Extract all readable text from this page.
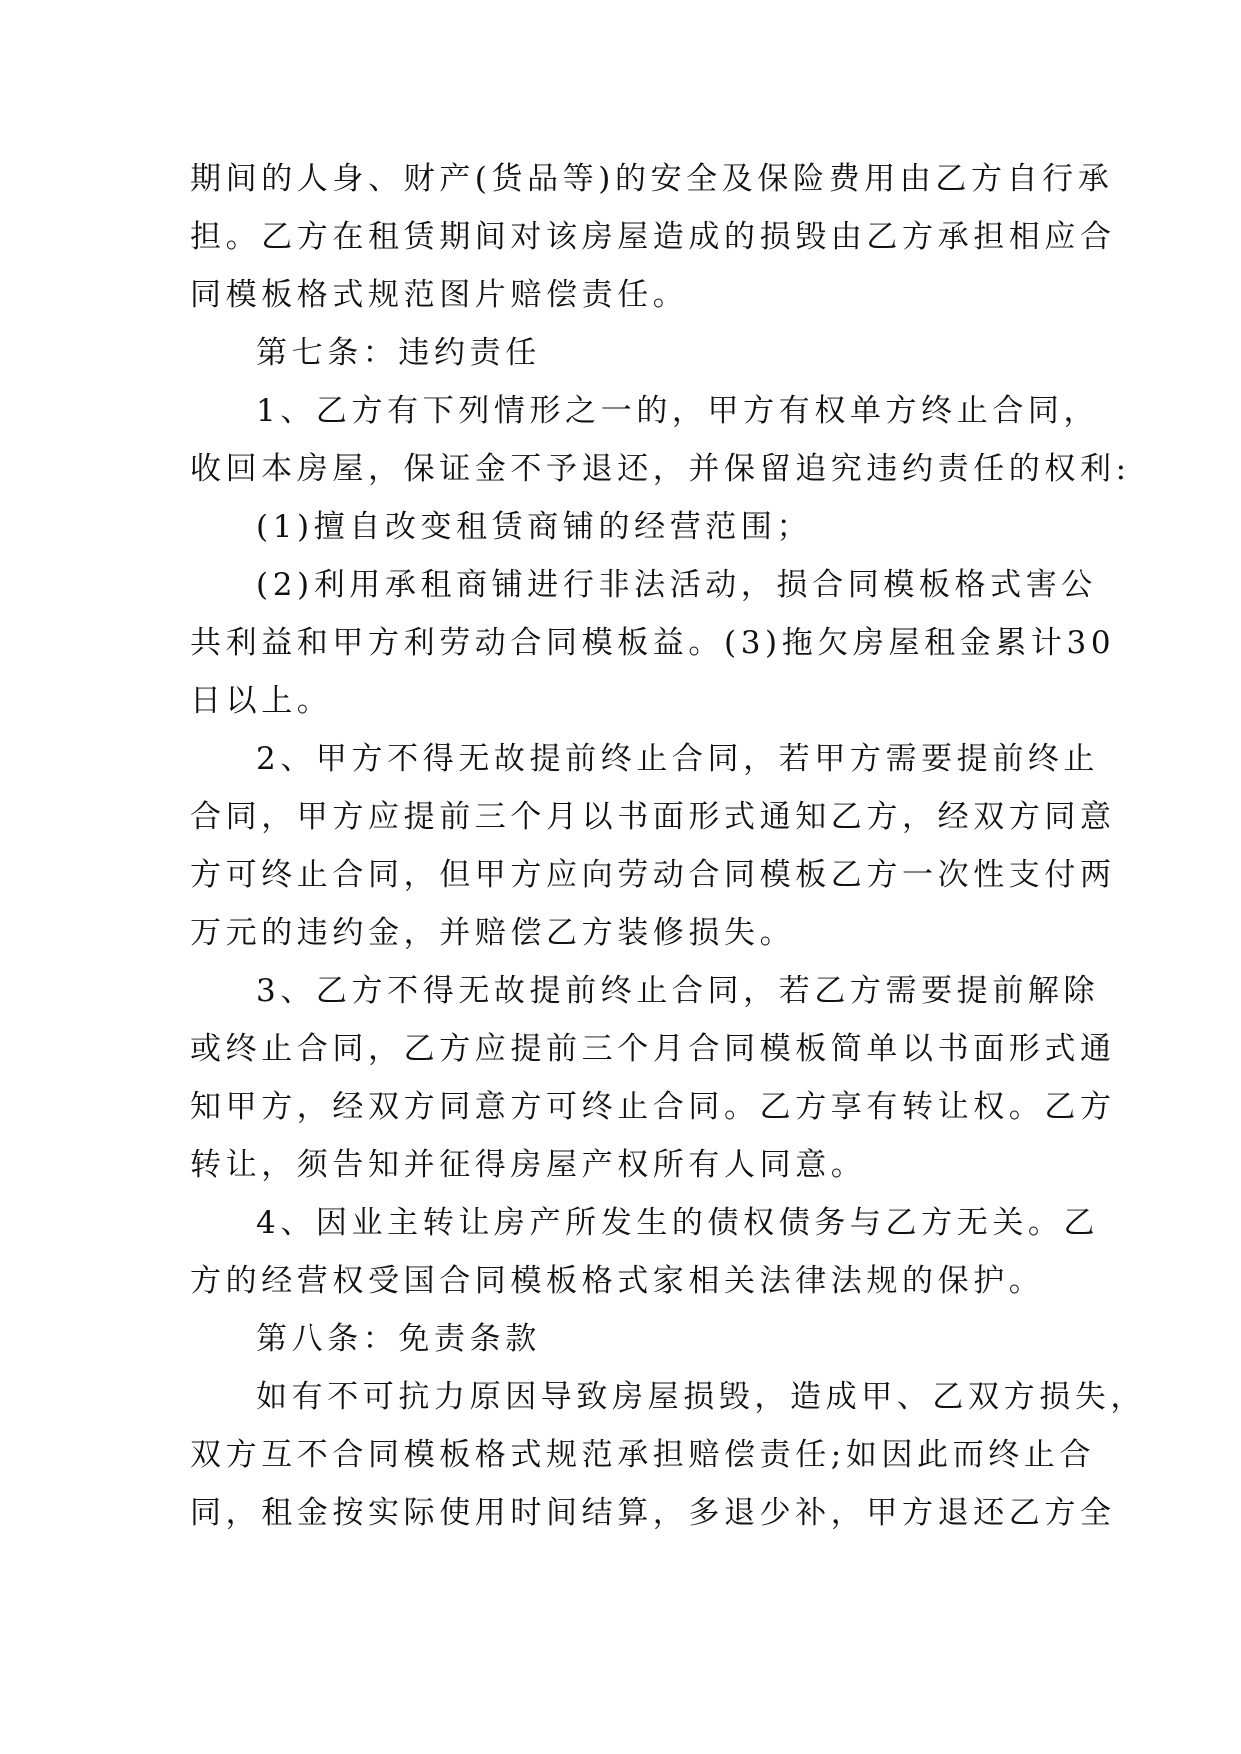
期间的人身、财产(货品等)的安全及保险费用由乙方自行承
担。乙方在租赁期间对该房屋造成的损毁由乙方承担相应合
同模板格式规范图片赔偿责任。
第七条：违约责任
1、乙方有下列情形之一的，甲方有权单方终止合同，
收回本房屋，保证金不予退还，并保留追究违约责任的权利:
(1)擅自改变租赁商铺的经营范围；
(2)利用承租商铺进行非法活动，损合同模板格式害公
共利益和甲方利劳动合同模板益。(3)拖欠房屋租金累计30
日以上。
2、甲方不得无故提前终止合同，若甲方需要提前终止
合同，甲方应提前三个月以书面形式通知乙方，经双方同意
方可终止合同，但甲方应向劳动合同模板乙方一次性支付两
万元的违约金，并赔偿乙方装修损失。
3、乙方不得无故提前终止合同，若乙方需要提前解除
或终止合同，乙方应提前三个月合同模板简单以书面形式通
知甲方，经双方同意方可终止合同。乙方享有转让权。乙方
转让，须告知并征得房屋产权所有人同意。
4、因业主转让房产所发生的债权债务与乙方无关。乙
方的经营权受国合同模板格式家相关法律法规的保护。
第八条：免责条款
如有不可抗力原因导致房屋损毁，造成甲、乙双方损失，
双方互不合同模板格式规范承担赔偿责任;如因此而终止合
同，租金按实际使用时间结算，多退少补，甲方退还乙方全
